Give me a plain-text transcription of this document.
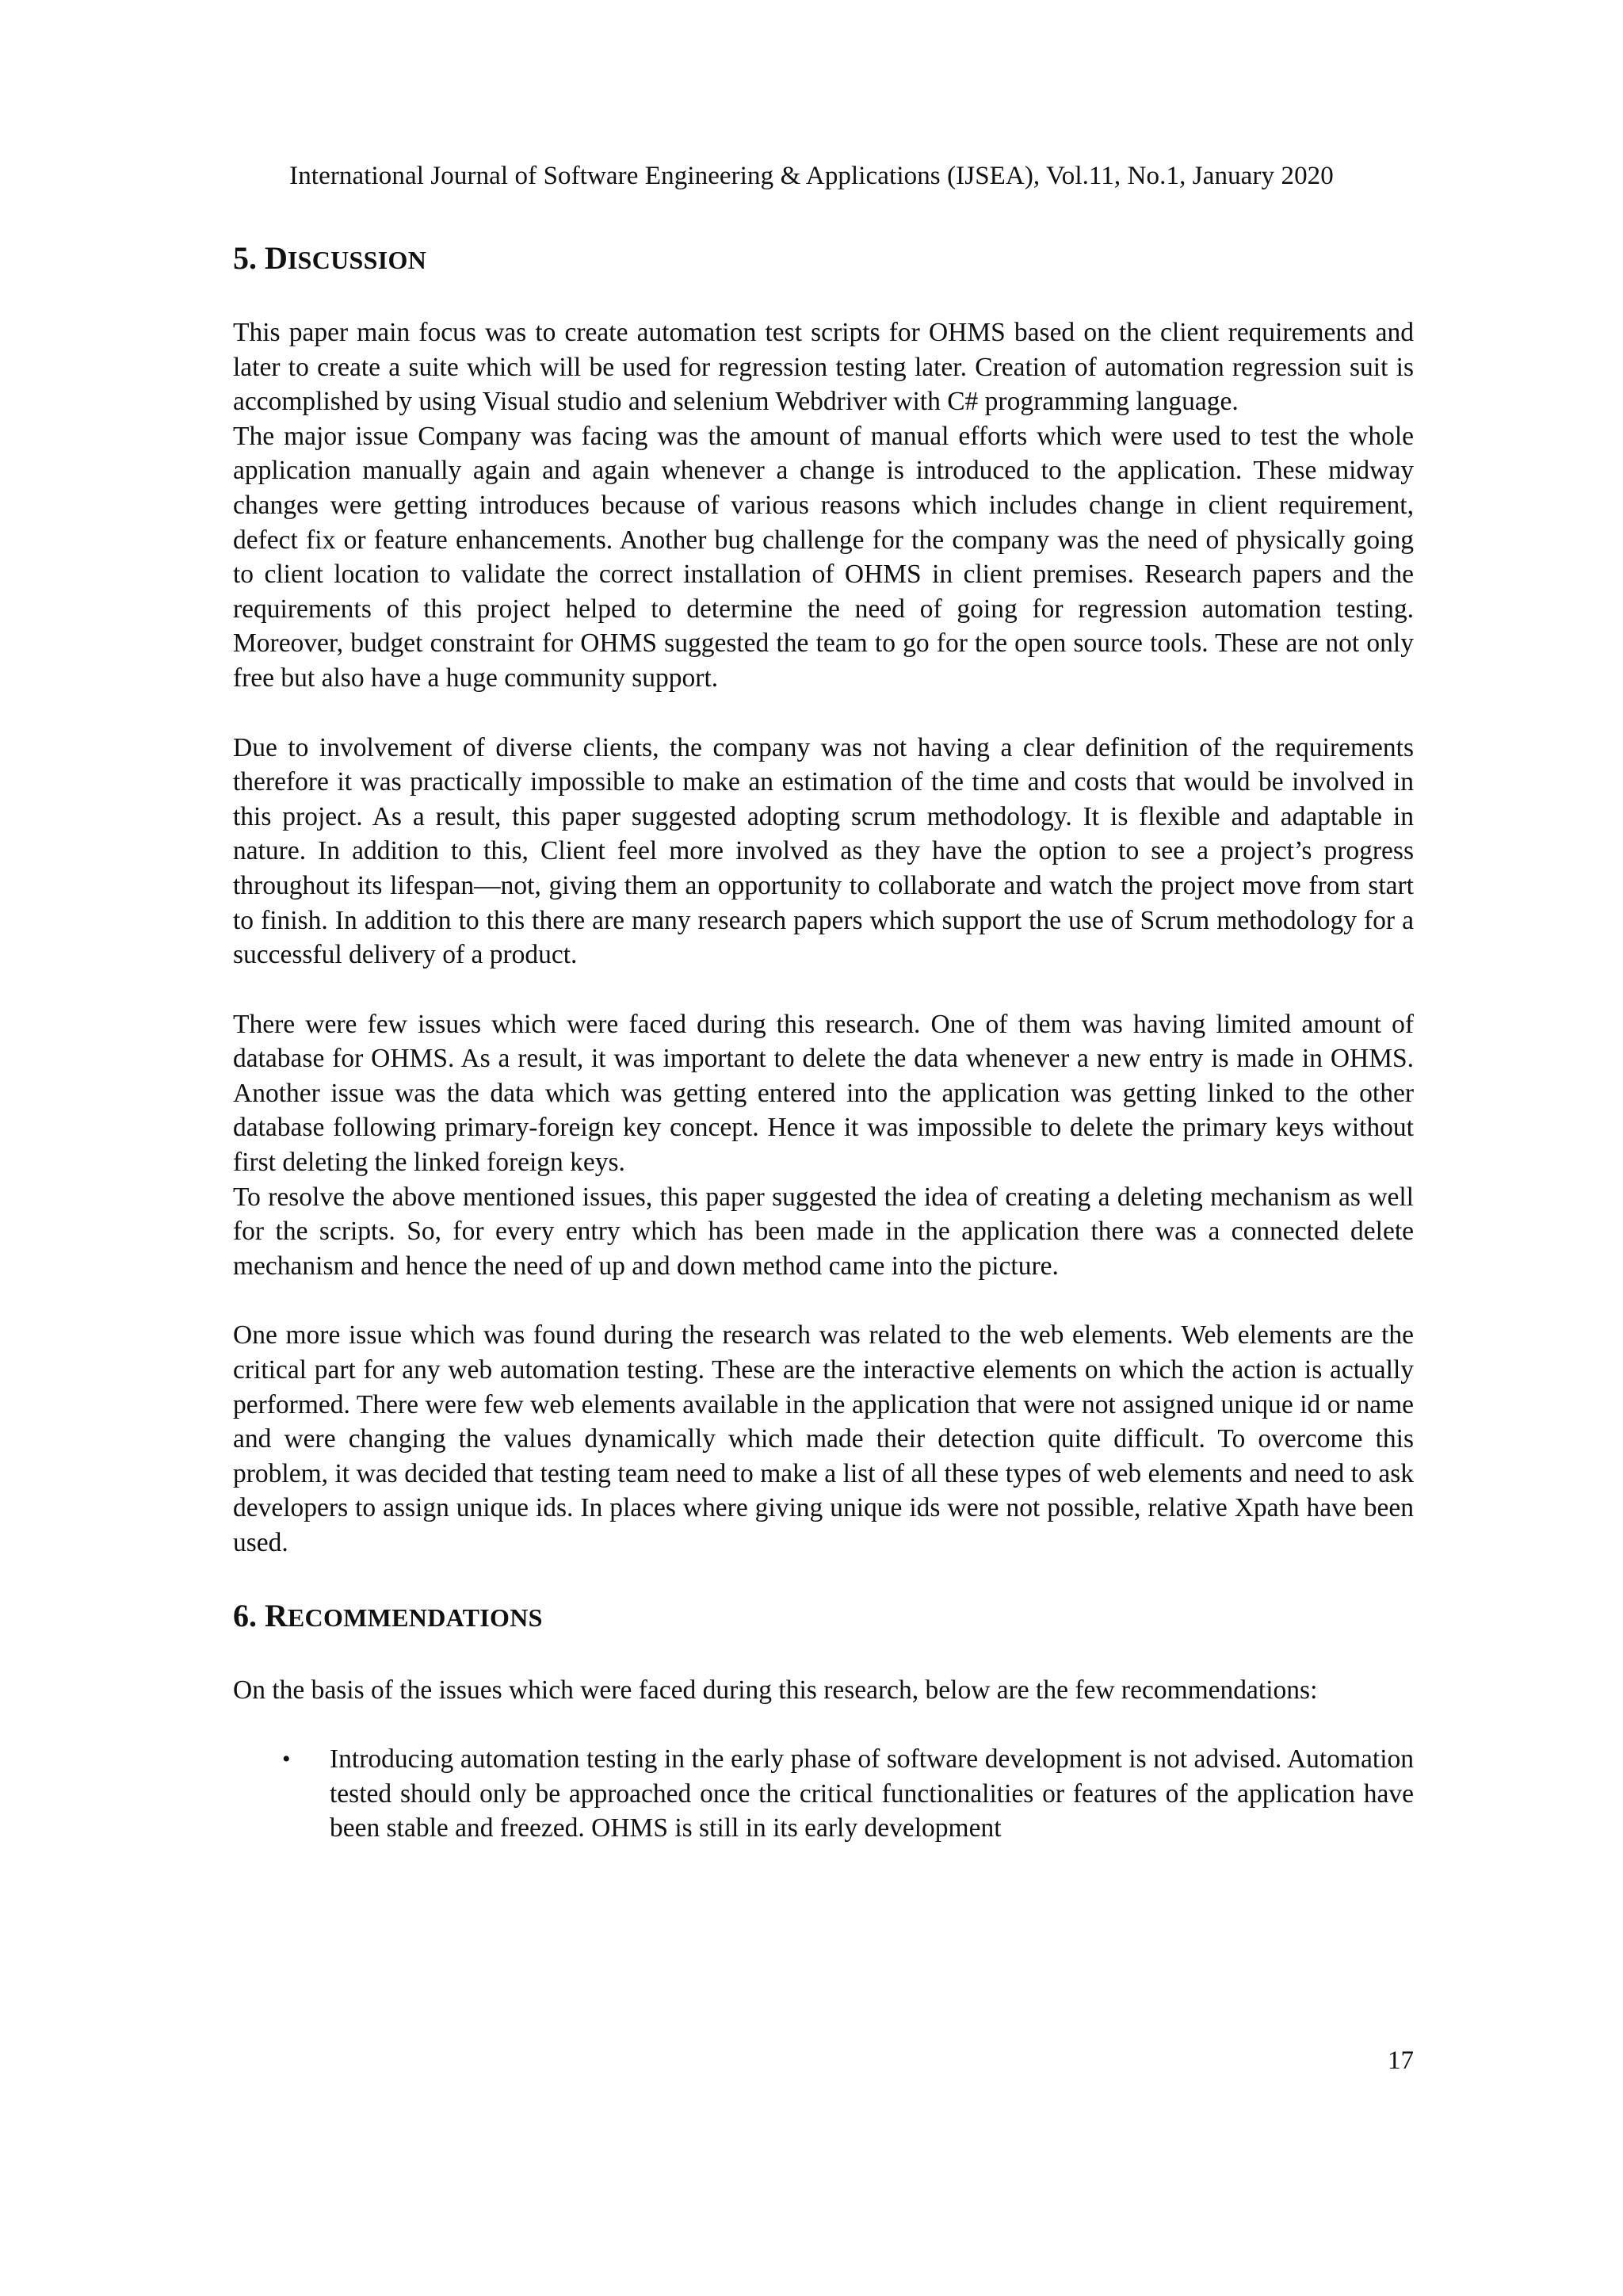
International Journal of Software Engineering & Applications (IJSEA), Vol.11, No.1, January 2020
5. DISCUSSION

This paper main focus was to create automation test scripts for OHMS based on the client requirements and later to create a suite which will be used for regression testing later. Creation of automation regression suit is accomplished by using Visual studio and selenium Webdriver with C# programming language.

The major issue Company was facing was the amount of manual efforts which were used to test the whole application manually again and again whenever a change is introduced to the application. These midway changes were getting introduces because of various reasons which includes change in client requirement, defect fix or feature enhancements. Another bug challenge for the company was the need of physically going to client location to validate the correct installation of OHMS in client premises. Research papers and the requirements of this project helped to determine the need of going for regression automation testing. Moreover, budget constraint for OHMS suggested the team to go for the open source tools. These are not only free but also have a huge community support.

Due to involvement of diverse clients, the company was not having a clear definition of the requirements therefore it was practically impossible to make an estimation of the time and costs that would be involved in this project. As a result, this paper suggested adopting scrum methodology. It is flexible and adaptable in nature. In addition to this, Client feel more involved as they have the option to see a project’s progress throughout its lifespan—not, giving them an opportunity to collaborate and watch the project move from start to finish. In addition to this there are many research papers which support the use of Scrum methodology for a successful delivery of a product.

There were few issues which were faced during this research. One of them was having limited amount of database for OHMS. As a result, it was important to delete the data whenever a new entry is made in OHMS. Another issue was the data which was getting entered into the application was getting linked to the other database following primary-foreign key concept. Hence it was impossible to delete the primary keys without first deleting the linked foreign keys.

To resolve the above mentioned issues, this paper suggested the idea of creating a deleting mechanism as well for the scripts. So, for every entry which has been made in the application there was a connected delete mechanism and hence the need of up and down method came into the picture.

One more issue which was found during the research was related to the web elements. Web elements are the critical part for any web automation testing. These are the interactive elements on which the action is actually performed. There were few web elements available in the application that were not assigned unique id or name and were changing the values dynamically which made their detection quite difficult. To overcome this problem, it was decided that testing team need to make a list of all these types of web elements and need to ask developers to assign unique ids. In places where giving unique ids were not possible, relative Xpath have been used.

6. RECOMMENDATIONS

On the basis of the issues which were faced during this research, below are the few recommendations:

• Introducing automation testing in the early phase of software development is not advised. Automation tested should only be approached once the critical functionalities or features of the application have been stable and freezed. OHMS is still in its early development

17
